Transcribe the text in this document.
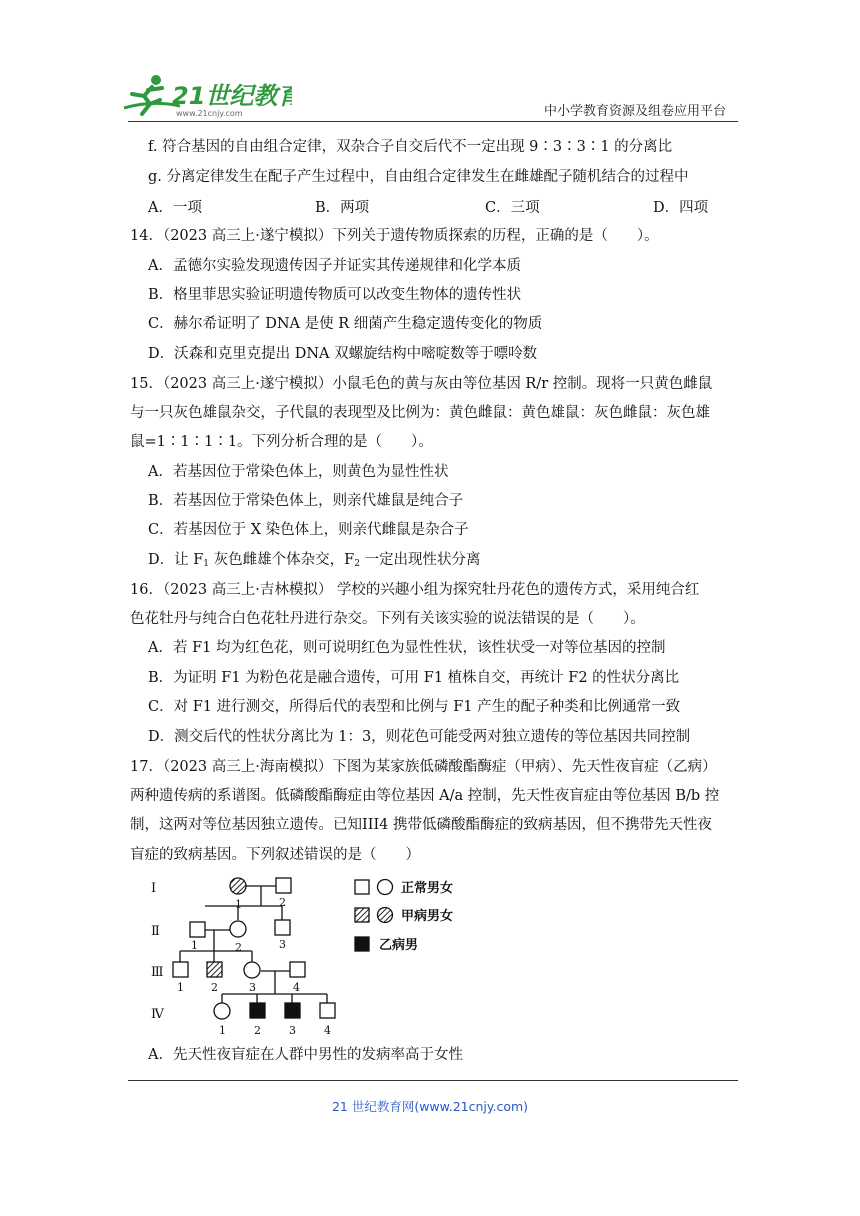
21世纪教育
www.21cnjy.com	中小学教育资源及组卷应用平台
f. 符合基因的自由组合定律，双杂合子自交后代不一定出现 9∶3∶3∶1 的分离比
g. 分离定律发生在配子产生过程中，自由组合定律发生在雌雄配子随机结合的过程中
A．一项	B．两项	C．三项	D．四项
14．（2023 高三上·遂宁模拟）下列关于遗传物质探索的历程，正确的是（　　）。
A．孟德尔实验发现遗传因子并证实其传递规律和化学本质
B．格里菲思实验证明遗传物质可以改变生物体的遗传性状
C．赫尔希证明了 DNA 是使 R 细菌产生稳定遗传变化的物质
D．沃森和克里克提出 DNA 双螺旋结构中嘧啶数等于嘌呤数
15．（2023 高三上·遂宁模拟）小鼠毛色的黄与灰由等位基因 R/r 控制。现将一只黄色雌鼠
与一只灰色雄鼠杂交，子代鼠的表现型及比例为：黄色雌鼠：黄色雄鼠：灰色雌鼠：灰色雄
鼠=1∶1∶1∶1。下列分析合理的是（　　）。
A．若基因位于常染色体上，则黄色为显性性状
B．若基因位于常染色体上，则亲代雄鼠是纯合子
C．若基因位于 X 染色体上，则亲代雌鼠是杂合子
D．让 $F_1$ 灰色雌雄个体杂交，$F_2$ 一定出现性状分离
16．（2023 高三上·吉林模拟） 学校的兴趣小组为探究牡丹花色的遗传方式，采用纯合红
色花牡丹与纯合白色花牡丹进行杂交。下列有关该实验的说法错误的是（　　）。
A．若 F1 均为红色花，则可说明红色为显性性状，该性状受一对等位基因的控制
B．为证明 F1 为粉色花是融合遗传，可用 F1 植株自交，再统计 F2 的性状分离比
C．对 F1 进行测交，所得后代的表型和比例与 F1 产生的配子种类和比例通常一致
D．测交后代的性状分离比为 1：3，则花色可能受两对独立遗传的等位基因共同控制
17．（2023 高三上·海南模拟）下图为某家族低磷酸酯酶症（甲病）、先天性夜盲症（乙病）
两种遗传病的系谱图。低磷酸酯酶症由等位基因 A/a 控制，先天性夜盲症由等位基因 B/b 控
制，这两对等位基因独立遗传。已知III4 携带低磷酸酯酶症的致病基因，但不携带先天性夜
盲症的致病基因。下列叙述错误的是（　　）
Ⅰ
Ⅱ
Ⅲ
Ⅳ
1	2
1	2	3
1 2	3	4
1	2	3	4
正常男女
甲病男女
乙病男
A．先天性夜盲症在人群中男性的发病率高于女性
21 世纪教育网(www.21cnjy.com)
